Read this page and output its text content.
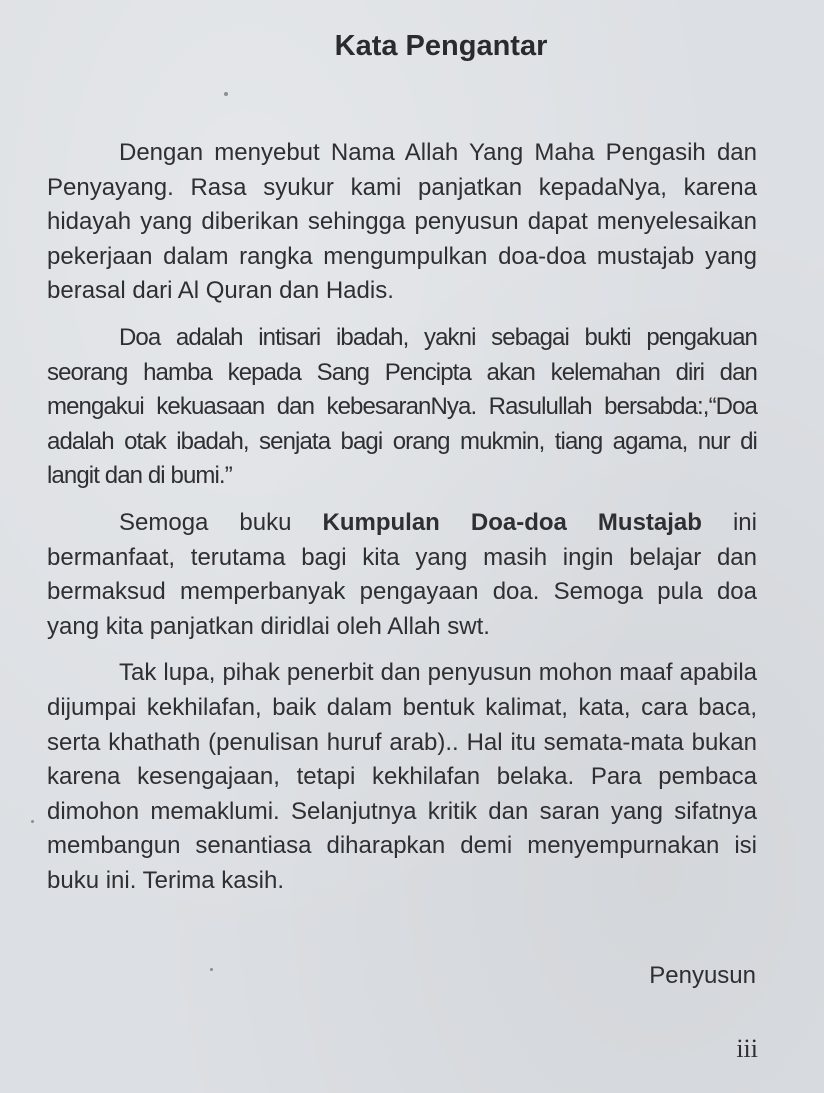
Kata Pengantar

Dengan menyebut Nama Allah Yang Maha Pengasih dan Penyayang. Rasa syukur kami panjatkan kepadaNya, karena hidayah yang diberikan sehingga penyusun dapat menyelesaikan pekerjaan dalam rangka mengumpulkan doa-doa mustajab yang berasal dari Al Quran dan Hadis.

Doa adalah intisari ibadah, yakni sebagai bukti pengakuan seorang hamba kepada Sang Pencipta akan kelemahan diri dan mengakui kekuasaan dan kebesaranNya. Rasulullah bersabda:,“Doa adalah otak ibadah, senjata bagi orang mukmin, tiang agama, nur di langit dan di bumi.”

Semoga buku Kumpulan Doa-doa Mustajab ini bermanfaat, terutama bagi kita yang masih ingin belajar dan bermaksud memperbanyak pengayaan doa. Semoga pula doa yang kita panjatkan diridlai oleh Allah swt.

Tak lupa, pihak penerbit dan penyusun mohon maaf apabila dijumpai kekhilafan, baik dalam bentuk kalimat, kata, cara baca, serta khathath (penulisan huruf arab).. Hal itu semata-mata bukan karena kesengajaan, tetapi kekhilafan belaka. Para pembaca dimohon memaklumi. Selanjutnya kritik dan saran yang sifatnya membangun senantiasa diharapkan demi menyempurnakan isi buku ini. Terima kasih.

Penyusun
iii
